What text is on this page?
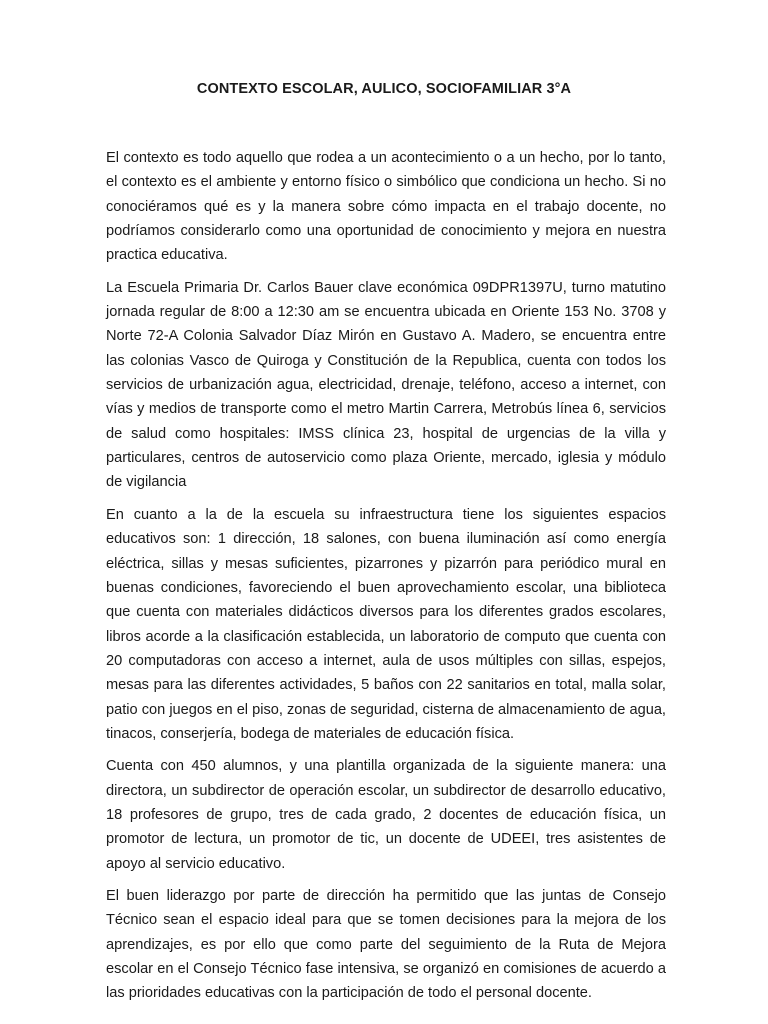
CONTEXTO ESCOLAR, AULICO, SOCIOFAMILIAR 3°A

El contexto es todo aquello que rodea a un acontecimiento o a un hecho, por lo tanto, el contexto es el ambiente y entorno físico o simbólico que condiciona un hecho. Si no conociéramos qué es y la manera sobre cómo impacta en el trabajo docente, no podríamos considerarlo como una oportunidad de conocimiento y mejora en nuestra practica educativa.

La Escuela Primaria Dr. Carlos Bauer clave económica 09DPR1397U, turno matutino jornada regular de 8:00 a 12:30 am se encuentra ubicada en Oriente 153 No. 3708 y Norte 72-A Colonia Salvador Díaz Mirón en Gustavo A. Madero, se encuentra entre las colonias Vasco de Quiroga y Constitución de la Republica, cuenta con todos los servicios de urbanización agua, electricidad, drenaje, teléfono, acceso a internet, con vías y medios de transporte como el metro Martin Carrera, Metrobús línea 6, servicios de salud como hospitales: IMSS clínica 23, hospital de urgencias de la villa y particulares, centros de autoservicio como plaza Oriente, mercado, iglesia y módulo de vigilancia

En cuanto a la de la escuela su infraestructura tiene los siguientes espacios educativos son: 1 dirección, 18 salones, con buena iluminación así como energía eléctrica, sillas y mesas suficientes, pizarrones y pizarrón para periódico mural en buenas condiciones, favoreciendo el buen aprovechamiento escolar, una biblioteca que cuenta con materiales didácticos diversos para los diferentes grados escolares, libros acorde a la clasificación establecida, un laboratorio de computo que cuenta con 20 computadoras con acceso a internet, aula de usos múltiples con sillas, espejos, mesas para las diferentes actividades, 5 baños con 22 sanitarios en total, malla solar, patio con juegos en el piso, zonas de seguridad, cisterna de almacenamiento de agua, tinacos, conserjería, bodega de materiales de educación física.

Cuenta con 450 alumnos, y una plantilla organizada de la siguiente manera: una directora, un subdirector de operación escolar, un subdirector de desarrollo educativo, 18 profesores de grupo, tres de cada grado, 2 docentes de educación física, un promotor de lectura, un promotor de tic, un docente de UDEEI, tres asistentes de apoyo al servicio educativo.

El buen liderazgo por parte de dirección ha permitido que las juntas de Consejo Técnico sean el espacio ideal para que se tomen decisiones para la mejora de los aprendizajes, es por ello que como parte del seguimiento de la Ruta de Mejora escolar en el Consejo Técnico fase intensiva, se organizó en comisiones de acuerdo a las prioridades educativas con la participación de todo el personal docente.
